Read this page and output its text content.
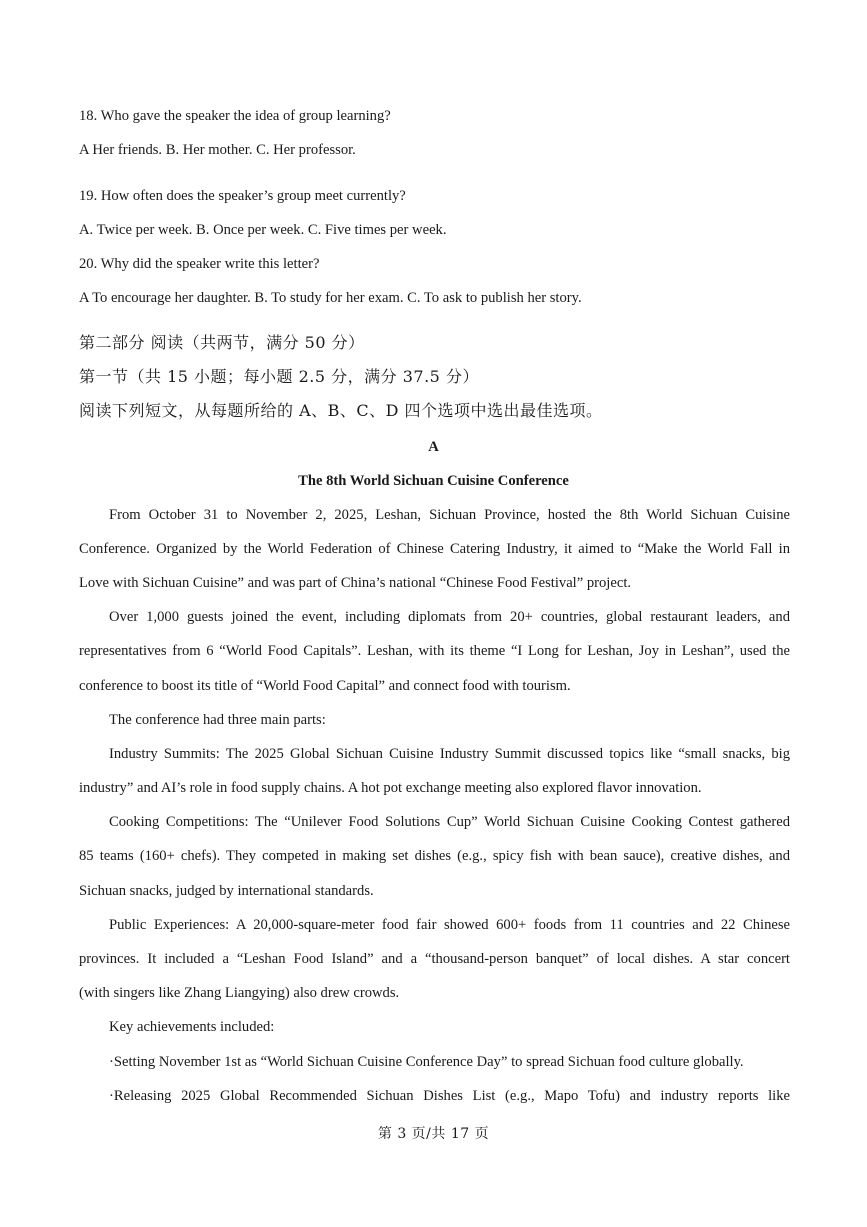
18. Who gave the speaker the idea of group learning?
A Her friends. B. Her mother. C. Her professor.
19. How often does the speaker’s group meet currently?
A. Twice per week. B. Once per week. C. Five times per week.
20. Why did the speaker write this letter?
A To encourage her daughter. B. To study for her exam. C. To ask to publish her story.
第二部分 阅读（共两节，满分 50 分）
第一节（共 15 小题；每小题 2.5 分，满分 37.5 分）
阅读下列短文，从每题所给的 A、B、C、D 四个选项中选出最佳选项。
A
The 8th World Sichuan Cuisine Conference
From October 31 to November 2, 2025, Leshan, Sichuan Province, hosted the 8th World Sichuan Cuisine
Conference. Organized by the World Federation of Chinese Catering Industry, it aimed to “Make the World Fall in
Love with Sichuan Cuisine” and was part of China’s national “Chinese Food Festival” project.
Over 1,000 guests joined the event, including diplomats from 20+ countries, global restaurant leaders, and
representatives from 6 “World Food Capitals”. Leshan, with its theme “I Long for Leshan, Joy in Leshan”, used the
conference to boost its title of “World Food Capital” and connect food with tourism.
The conference had three main parts:
Industry Summits: The 2025 Global Sichuan Cuisine Industry Summit discussed topics like “small snacks, big
industry” and AI’s role in food supply chains. A hot pot exchange meeting also explored flavor innovation.
Cooking Competitions: The “Unilever Food Solutions Cup” World Sichuan Cuisine Cooking Contest gathered
85 teams (160+ chefs). They competed in making set dishes (e.g., spicy fish with bean sauce), creative dishes, and
Sichuan snacks, judged by international standards.
Public Experiences: A 20,000-square-meter food fair showed 600+ foods from 11 countries and 22 Chinese
provinces. It included a “Leshan Food Island” and a “thousand-person banquet” of local dishes. A star concert
(with singers like Zhang Liangying) also drew crowds.
Key achievements included:
·Setting November 1st as “World Sichuan Cuisine Conference Day” to spread Sichuan food culture globally.
·Releasing 2025 Global Recommended Sichuan Dishes List (e.g., Mapo Tofu) and industry reports like
第 3 页/共 17 页
